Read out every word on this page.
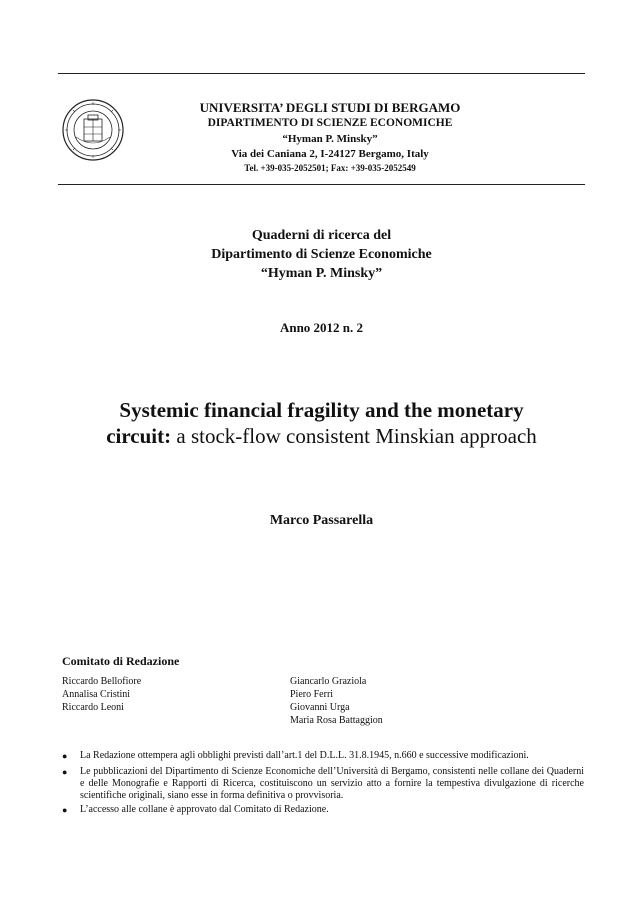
UNIVERSITA’ DEGLI STUDI DI BERGAMO
DIPARTIMENTO DI SCIENZE ECONOMICHE
“Hyman P. Minsky”
Via dei Caniana 2, I-24127 Bergamo, Italy
Tel. +39-035-2052501; Fax: +39-035-2052549
Quaderni di ricerca del
Dipartimento di Scienze Economiche
“Hyman P. Minsky”
Anno 2012 n. 2
Systemic financial fragility and the monetary
circuit: a stock-flow consistent Minskian approach
Marco Passarella
Comitato di Redazione
Riccardo Bellofiore
Annalisa Cristini
Riccardo Leoni
Giancarlo Graziola
Piero Ferri
Giovanni Urga
Maria Rosa Battaggion
● La Redazione ottempera agli obblighi previsti dall’art.1 del D.L.L. 31.8.1945, n.660 e successive modificazioni.
● Le pubblicazioni del Dipartimento di Scienze Economiche dell’Università di Bergamo, consistenti nelle collane dei Quaderni e delle Monografie e Rapporti di Ricerca, costituiscono un servizio atto a fornire la tempestiva divulgazione di ricerche scientifiche originali, siano esse in forma definitiva o provvisoria.
● L’accesso alle collane è approvato dal Comitato di Redazione.
